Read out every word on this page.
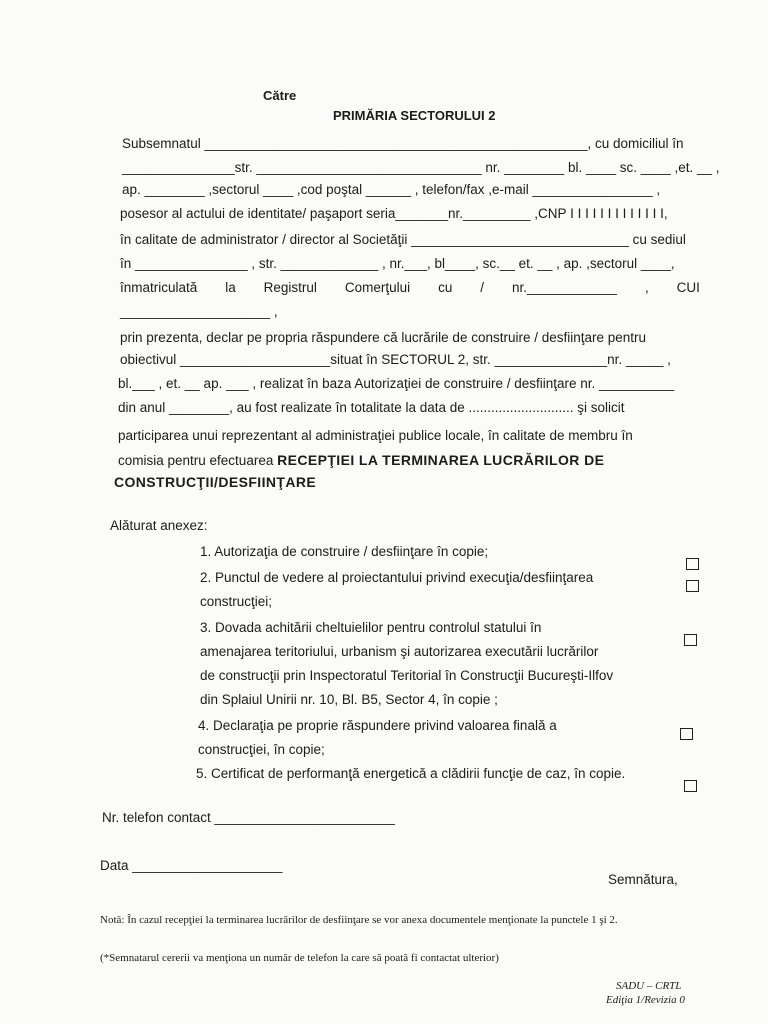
Către
PRIMĂRIA SECTORULUI 2
Subsemnatul ___________________________________________________, cu domiciliul în
_______________str. ______________________________ nr. ________ bl. ____ sc. ____ ,et. __ ,
ap. ________ ,sectorul ____ ,cod poştal ______ , telefon/fax ,e-mail ________________ ,
posesor al actului de identitate/ paşaport seria_______nr._________ ,CNP I I I I I I I I I I I I I,
în calitate de administrator / director al Societăţii _____________________________ cu sediul
în _______________ , str. _____________ , nr.___, bl____, sc.__ et. __ , ap. ,sectorul ____,
înmatriculată la Registrul Comerţului cu / nr.____________ , CUI
____________________ ,
prin prezenta, declar pe propria răspundere că lucrările de construire / desfiinţare pentru
obiectivul ____________________situat în SECTORUL 2, str. _______________nr. _____ ,
bl.___ , et. __ ap. ___ , realizat în baza Autorizaţiei de construire / desfiinţare nr. __________
din anul ________, au fost realizate în totalitate la data de ............................ şi solicit
participarea unui reprezentant al administraţiei publice locale, în calitate de membru în
comisia pentru efectuarea RECEPŢIEI LA TERMINAREA LUCRĂRILOR DE
CONSTRUCŢII/DESFIINŢARE
Alăturat anexez:
1. Autorizaţia de construire / desfiinţare în copie;
2. Punctul de vedere al proiectantului privind execuţia/desfiinţarea
construcţiei;
3. Dovada achitării cheltuielilor pentru controlul statului în
amenajarea teritoriului, urbanism şi autorizarea executării lucrărilor
de construcţii prin Inspectoratul Teritorial în Construcţii Bucureşti-Ilfov
din Splaiul Unirii nr. 10, Bl. B5, Sector 4, în copie ;
4. Declaraţia pe proprie răspundere privind valoarea finală a
construcţiei, în copie;
5. Certificat de performanţă energetică a clădirii funcţie de caz, în copie.
Nr. telefon contact ________________________
Data ____________________
Semnătura,
Notă: În cazul recepţiei la terminarea lucrărilor de desfiinţare se vor anexa documentele menţionate la punctele 1 şi 2.
(*Semnatarul cererii va menţiona un număr de telefon la care să poată fi contactat ulterior)
SADU – CRTL
Ediţia 1/Revizia 0
